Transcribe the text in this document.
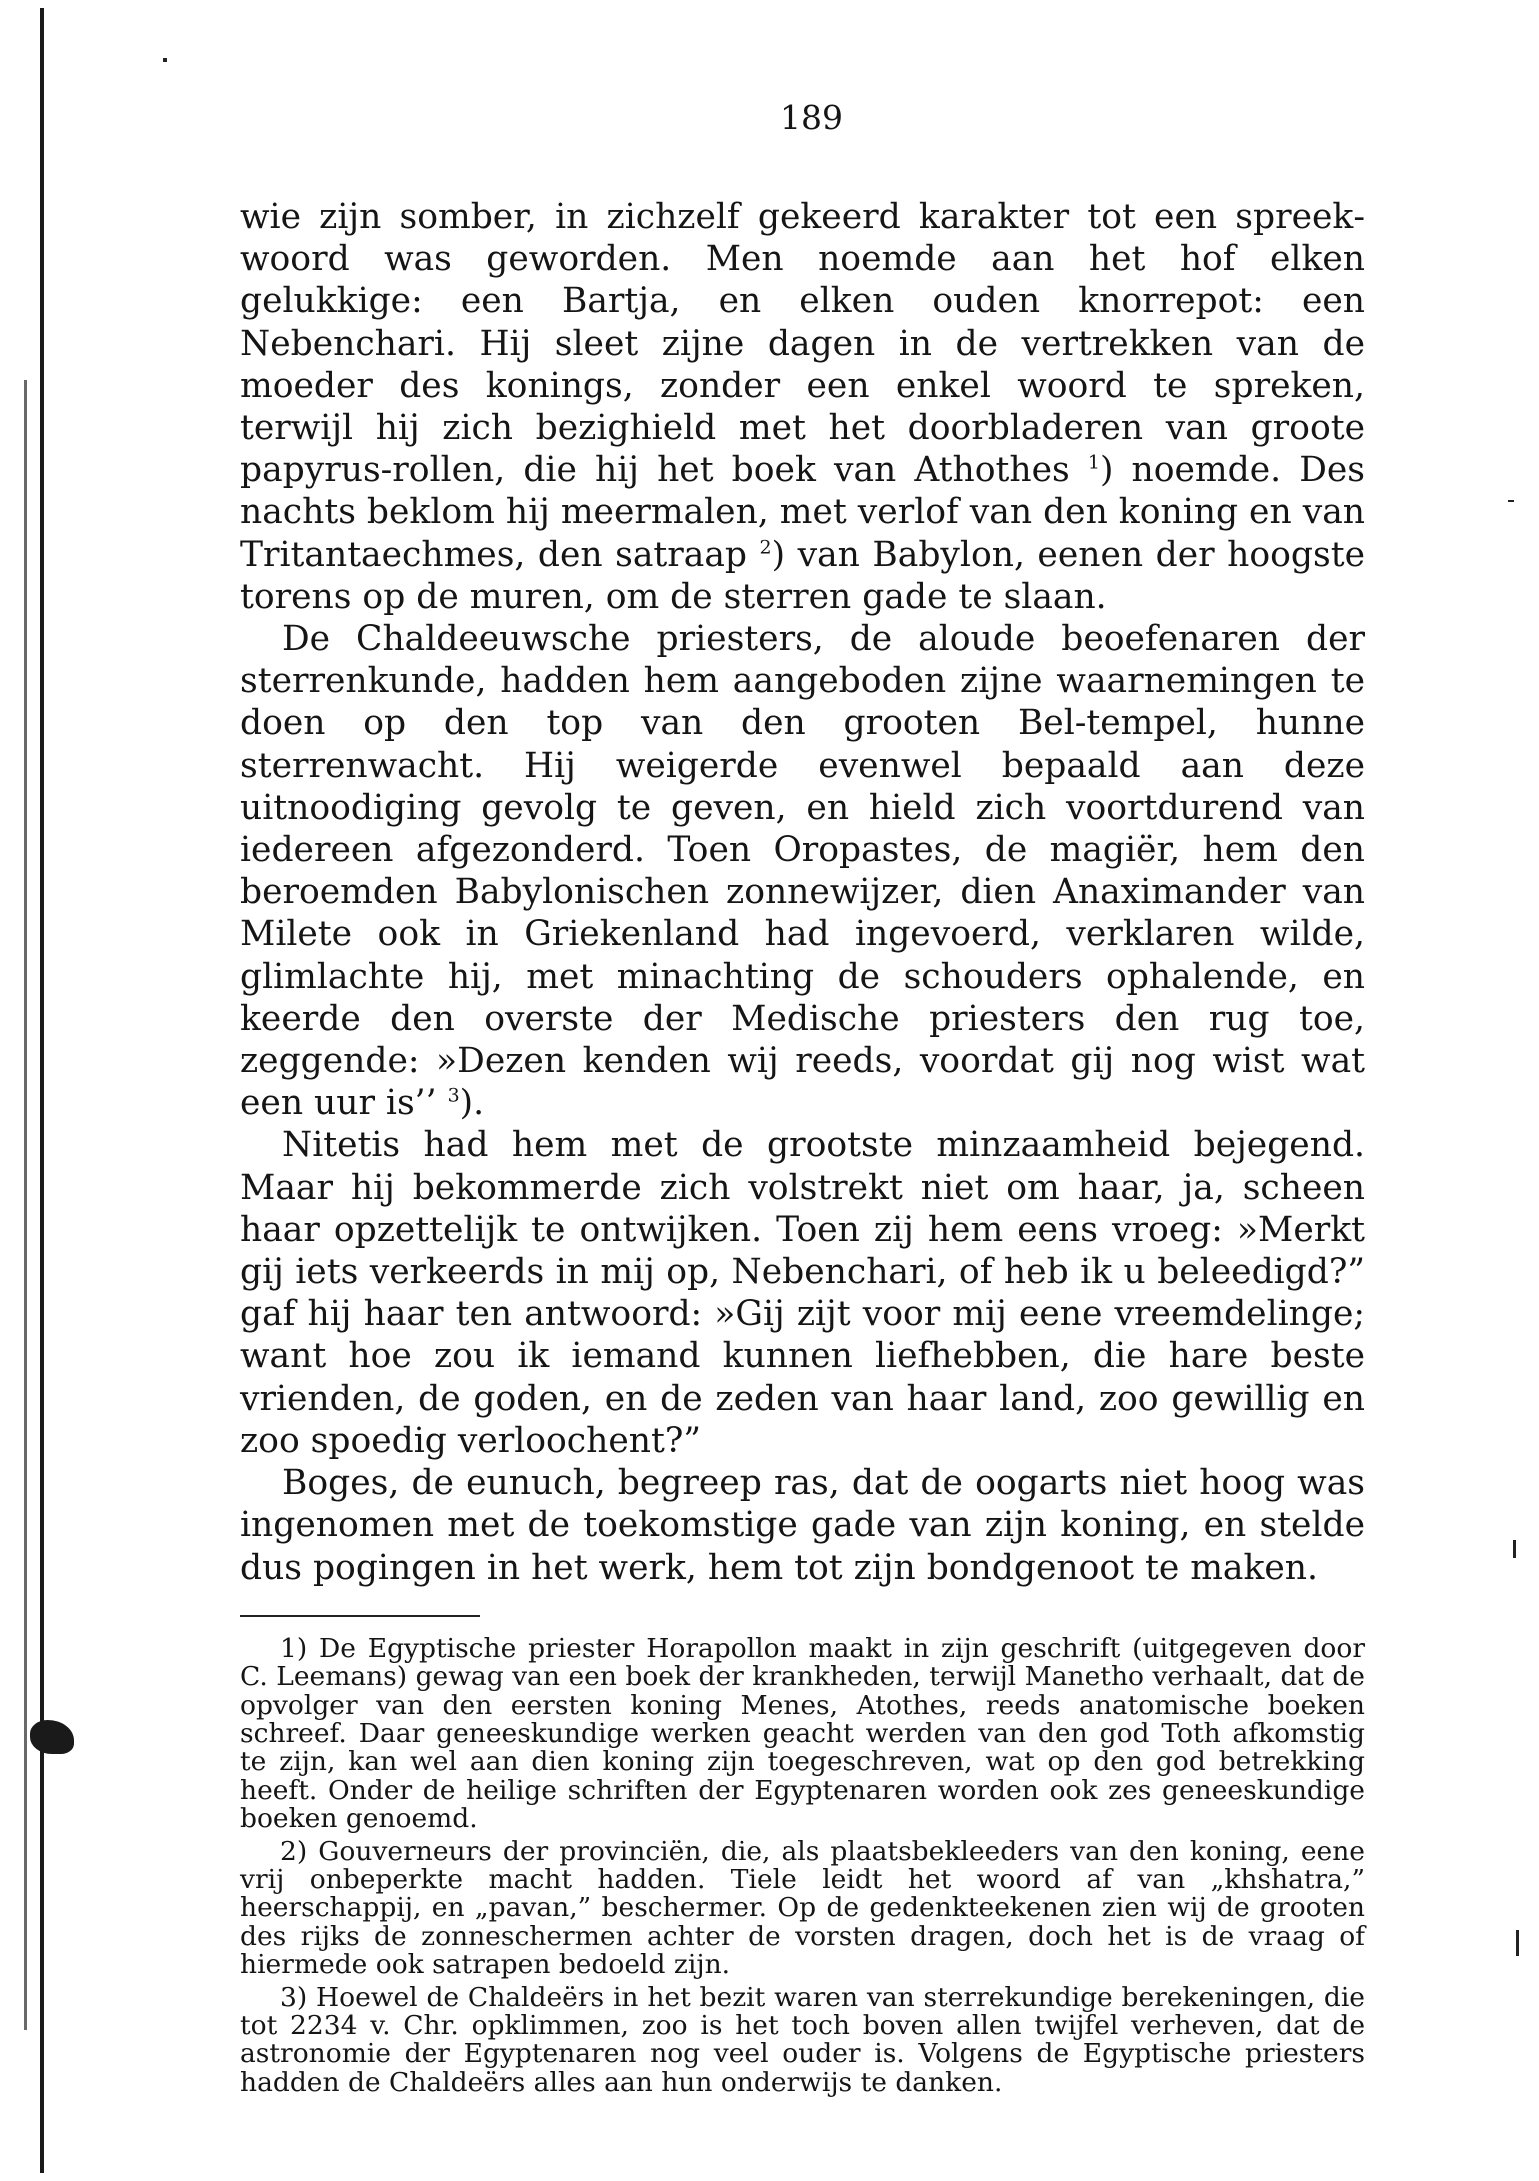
189

wie zijn somber, in zichzelf gekeerd karakter tot een spreekwoord was geworden. Men noemde aan het hof elken gelukkige: een Bartja, en elken ouden knorrepot: een Nebenchari. Hij sleet zijne dagen in de vertrekken van de moeder des konings, zonder een enkel woord te spreken, terwijl hij zich bezighield met het doorbladeren van groote papyrus-rollen, die hij het boek van Athothes $^1$) noemde. Des nachts beklom hij meermalen, met verlof van den koning en van Tritantaechmes, den satraap $^2$) van Babylon, eenen der hoogste torens op de muren, om de sterren gade te slaan.

De Chaldeeuwsche priesters, de aloude beoefenaren der sterrenkunde, hadden hem aangeboden zijne waarnemingen te doen op den top van den grooten Bel-tempel, hunne sterrenwacht. Hij weigerde evenwel bepaald aan deze uitnoodiging gevolg te geven, en hield zich voortdurend van iedereen afgezonderd. Toen Oropastes, de magiër, hem den beroemden Babylonischen zonnewijzer, dien Anaximander van Milete ook in Griekenland had ingevoerd, verklaren wilde, glimlachte hij, met minachting de schouders ophalende, en keerde den overste der Medische priesters den rug toe, zeggende: »Dezen kenden wij reeds, voordat gij nog wist wat een uur is’’ $^3$).

Nitetis had hem met de grootste minzaamheid bejegend. Maar hij bekommerde zich volstrekt niet om haar, ja, scheen haar opzettelijk te ontwijken. Toen zij hem eens vroeg: »Merkt gij iets verkeerds in mij op, Nebenchari, of heb ik u beleedigd?” gaf hij haar ten antwoord: »Gij zijt voor mij eene vreemdelinge; want hoe zou ik iemand kunnen liefhebben, die hare beste vrienden, de goden, en de zeden van haar land, zoo gewillig en zoo spoedig verloochent?”

Boges, de eunuch, begreep ras, dat de oogarts niet hoog was ingenomen met de toekomstige gade van zijn koning, en stelde dus pogingen in het werk, hem tot zijn bondgenoot te maken.

1) De Egyptische priester Horapollon maakt in zijn geschrift (uitgegeven door C. Leemans) gewag van een boek der krankheden, terwijl Manetho verhaalt, dat de opvolger van den eersten koning Menes, Atothes, reeds anatomische boeken schreef. Daar geneeskundige werken geacht werden van den god Toth afkomstig te zijn, kan wel aan dien koning zijn toegeschreven, wat op den god betrekking heeft. Onder de heilige schriften der Egyptenaren worden ook zes geneeskundige boeken genoemd.

2) Gouverneurs der provinciën, die, als plaatsbekleeders van den koning, eene vrij onbeperkte macht hadden. Tiele leidt het woord af van „khshatra,” heerschappij, en „pavan,” beschermer. Op de gedenkteekenen zien wij de grooten des rijks de zonneschermen achter de vorsten dragen, doch het is de vraag of hiermede ook satrapen bedoeld zijn.

3) Hoewel de Chaldeërs in het bezit waren van sterrekundige berekeningen, die tot 2234 v. Chr. opklimmen, zoo is het toch boven allen twijfel verheven, dat de astronomie der Egyptenaren nog veel ouder is. Volgens de Egyptische priesters hadden de Chaldeërs alles aan hun onderwijs te danken.
